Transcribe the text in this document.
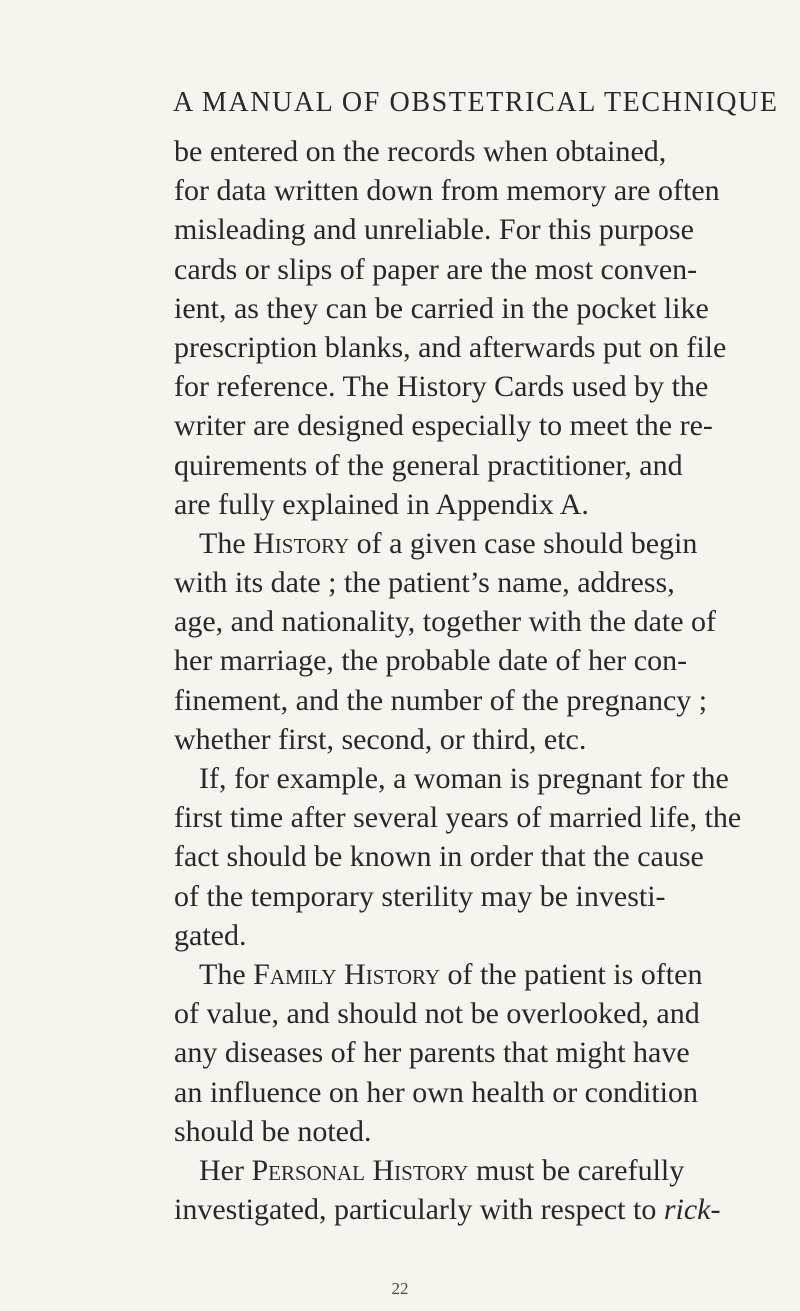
A MANUAL OF OBSTETRICAL TECHNIQUE
be entered on the records when obtained,
for data written down from memory are often
misleading and unreliable. For this purpose
cards or slips of paper are the most conven-
ient, as they can be carried in the pocket like
prescription blanks, and afterwards put on file
for reference. The History Cards used by the
writer are designed especially to meet the re-
quirements of the general practitioner, and
are fully explained in Appendix A.
The History of a given case should begin
with its date ; the patient’s name, address,
age, and nationality, together with the date of
her marriage, the probable date of her con-
finement, and the number of the pregnancy ;
whether first, second, or third, etc.
If, for example, a woman is pregnant for the
first time after several years of married life, the
fact should be known in order that the cause
of the temporary sterility may be investi-
gated.
The Family History of the patient is often
of value, and should not be overlooked, and
any diseases of her parents that might have
an influence on her own health or condition
should be noted.
Her Personal History must be carefully
investigated, particularly with respect to rick-
22
